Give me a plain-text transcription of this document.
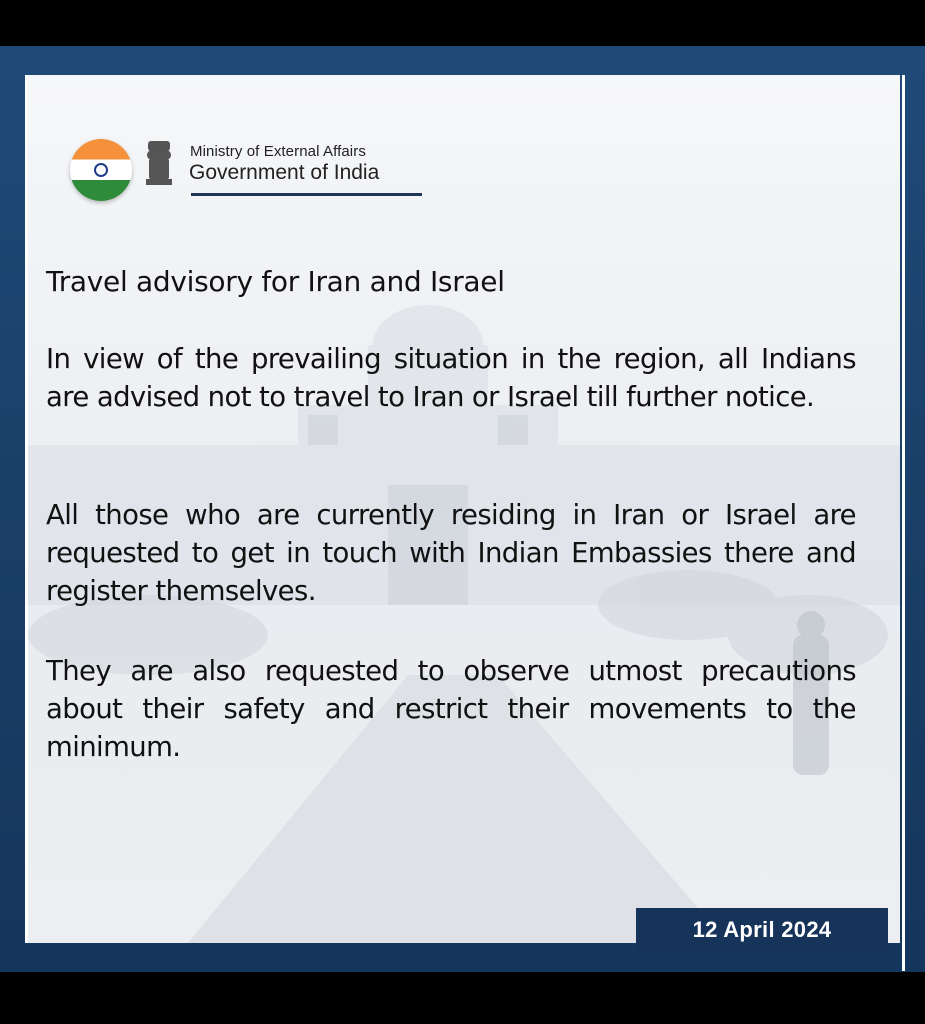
Ministry of External Affairs
Government of India
Travel advisory for Iran and Israel

In view of the prevailing situation in the region, all Indians are advised not to travel to Iran or Israel till further notice.

All those who are currently residing in Iran or Israel are requested to get in touch with Indian Embassies there and register themselves.

They are also requested to observe utmost precautions about their safety and restrict their movements to the minimum.

12 April 2024
